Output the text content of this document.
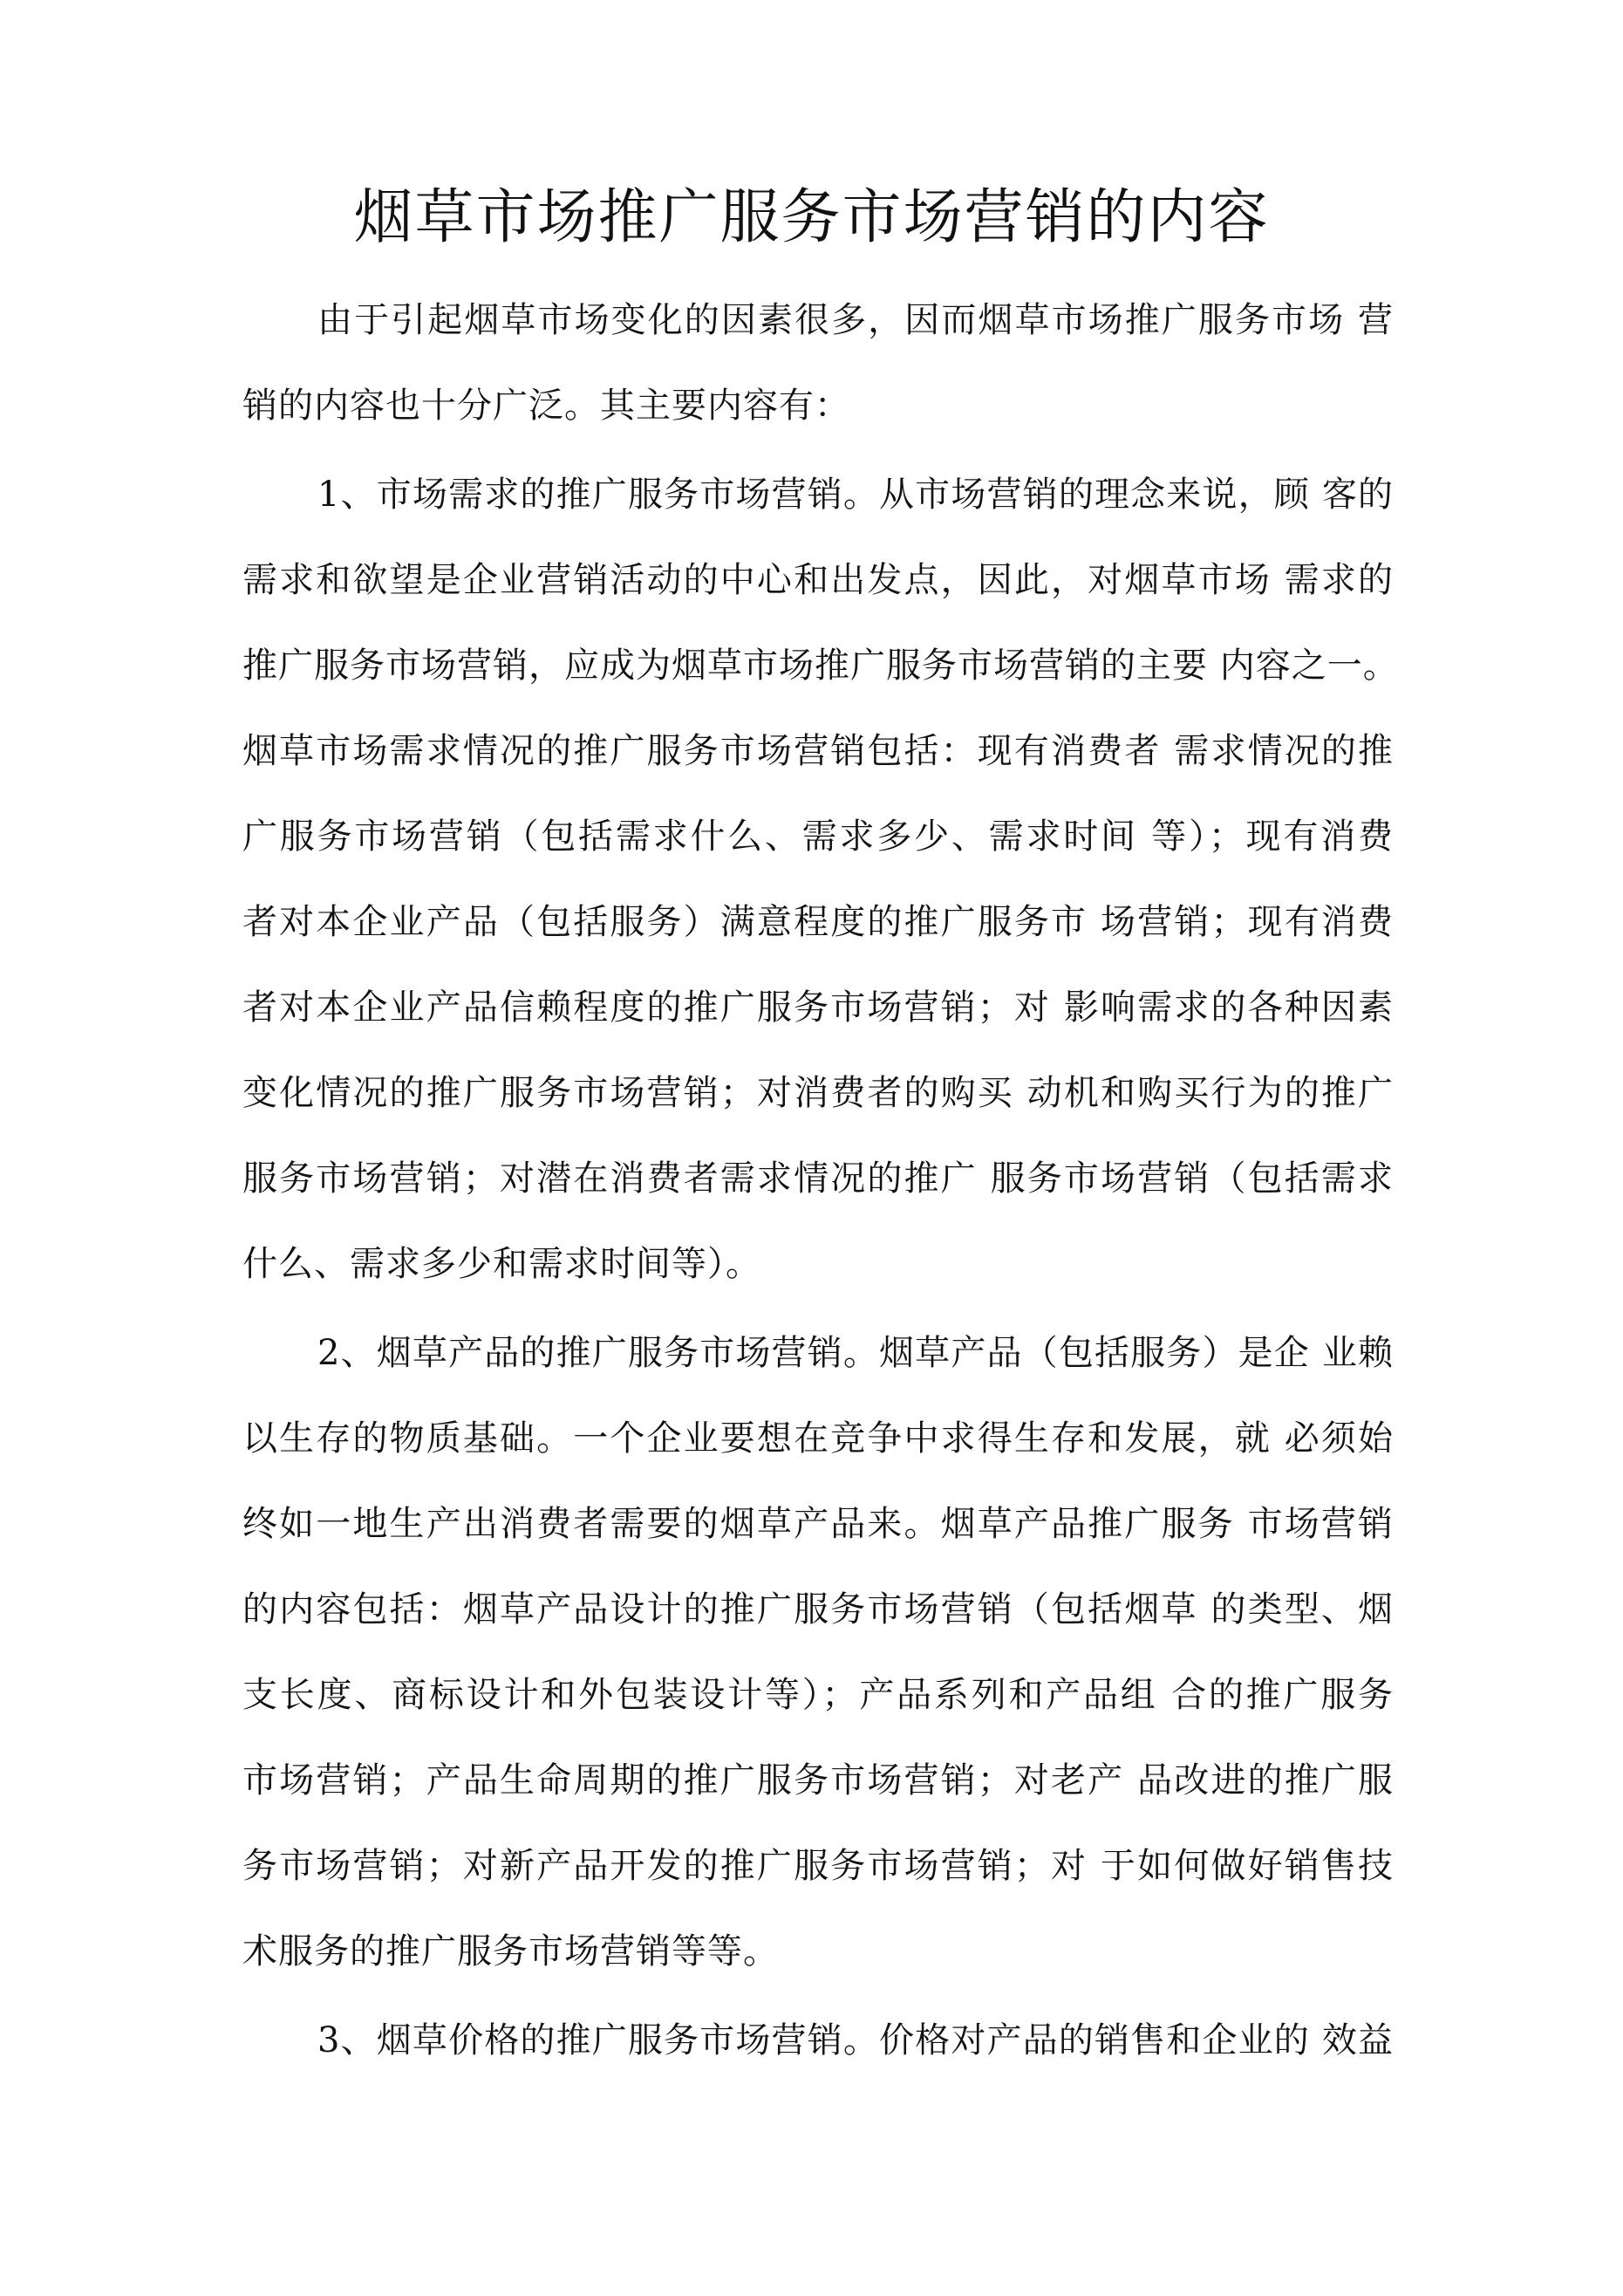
烟草市场推广服务市场营销的内容
由于引起烟草市场变化的因素很多，因而烟草市场推广服务市场 营
销的内容也十分广泛。其主要内容有：
1、市场需求的推广服务市场营销。从市场营销的理念来说，顾 客的
需求和欲望是企业营销活动的中心和出发点，因此，对烟草市场 需求的
推广服务市场营销，应成为烟草市场推广服务市场营销的主要 内容之一。
烟草市场需求情况的推广服务市场营销包括：现有消费者 需求情况的推
广服务市场营销（包括需求什么、需求多少、需求时间 等）；现有消费
者对本企业产品（包括服务）满意程度的推广服务市 场营销；现有消费
者对本企业产品信赖程度的推广服务市场营销；对 影响需求的各种因素
变化情况的推广服务市场营销；对消费者的购买 动机和购买行为的推广
服务市场营销；对潜在消费者需求情况的推广 服务市场营销（包括需求
什么、需求多少和需求时间等）。
2、烟草产品的推广服务市场营销。烟草产品（包括服务）是企 业赖
以生存的物质基础。一个企业要想在竞争中求得生存和发展，就 必须始
终如一地生产出消费者需要的烟草产品来。烟草产品推广服务 市场营销
的内容包括：烟草产品设计的推广服务市场营销（包括烟草 的类型、烟
支长度、商标设计和外包装设计等）；产品系列和产品组 合的推广服务
市场营销；产品生命周期的推广服务市场营销；对老产 品改进的推广服
务市场营销；对新产品开发的推广服务市场营销；对 于如何做好销售技
术服务的推广服务市场营销等等。
3、烟草价格的推广服务市场营销。价格对产品的销售和企业的 效益
